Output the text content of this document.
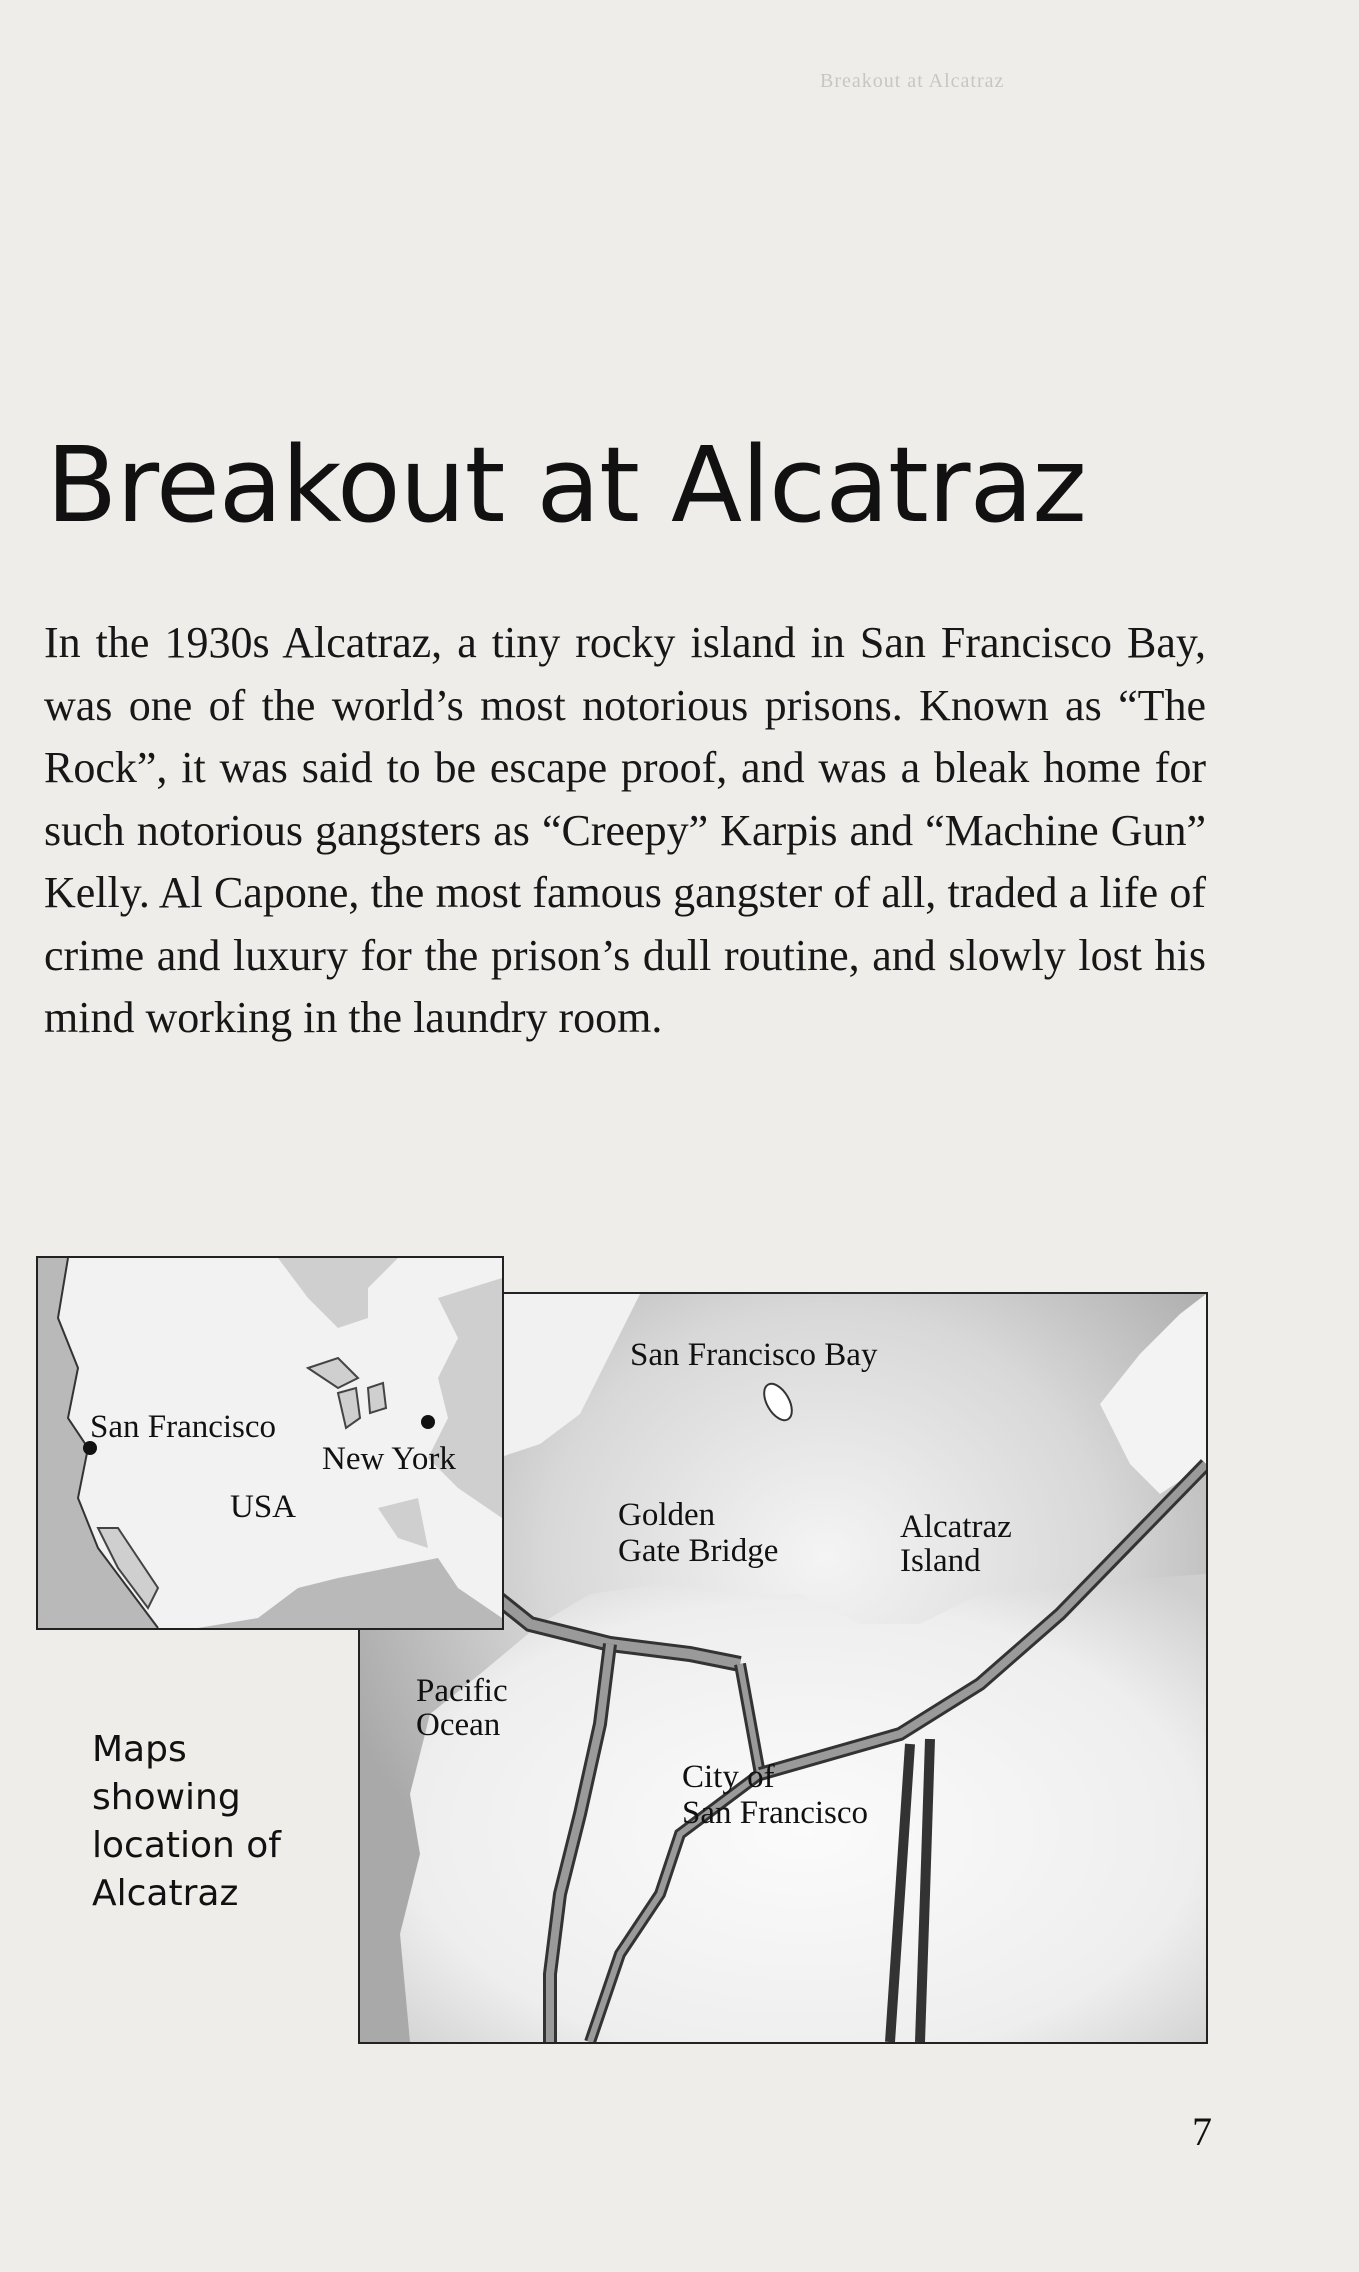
Breakout at Alcatraz
Breakout at Alcatraz

In the 1930s Alcatraz, a tiny rocky island in San Francisco Bay, was one of the world’s most notorious prisons. Known as “The Rock”, it was said to be escape proof, and was a bleak home for such notorious gangsters as “Creepy” Karpis and “Machine Gun” Kelly. Al Capone, the most famous gangster of all, traded a life of crime and luxury for the prison’s dull routine, and slowly lost his mind working in the laundry room.

San Francisco Bay
Golden
Gate Bridge
Alcatraz
Island
Pacific
Ocean
City of
San Francisco
San Francisco
New York
USA
Maps showing location of Alcatraz
7
